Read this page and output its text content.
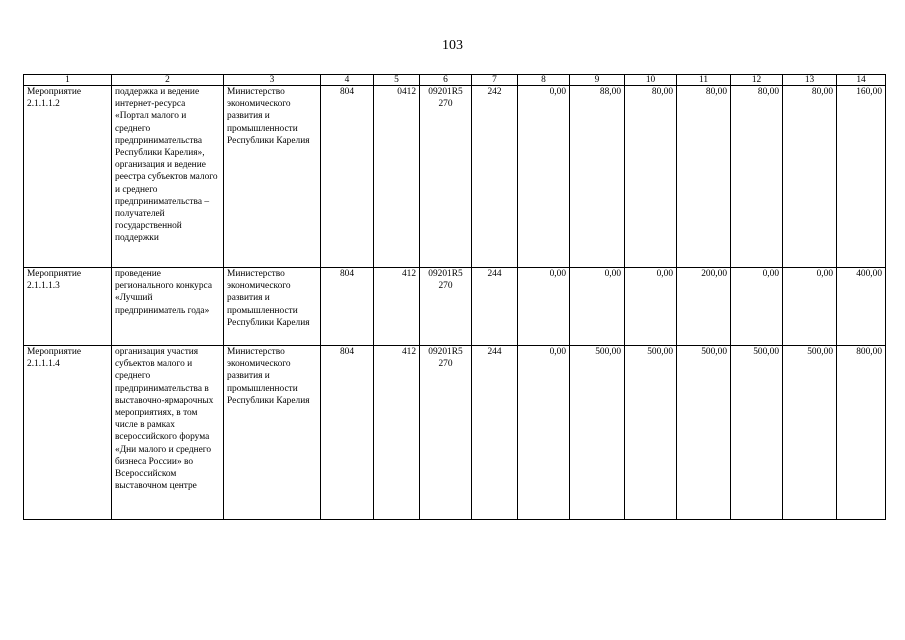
103
1	2	3	4	5	6	7	8	9	10	11	12	13	14
Мероприятие 2.1.1.1.2	поддержка и ведение интернет-ресурса «Портал малого и среднего предпринимательства Республики Карелия», организация и ведение реестра субъектов малого и среднего предпринимательства – получателей государственной поддержки	Министерство экономического развития и промышленности Республики Карелия	804	0412	09201R5 270	242	0,00	88,00	80,00	80,00	80,00	80,00	160,00
Мероприятие 2.1.1.1.3	проведение регионального конкурса «Лучший предприниматель года»	Министерство экономического развития и промышленности Республики Карелия	804	412	09201R5 270	244	0,00	0,00	0,00	200,00	0,00	0,00	400,00
Мероприятие 2.1.1.1.4	организация участия субъектов малого и среднего предпринимательства в выставочно-ярмарочных мероприятиях, в том числе в рамках всероссийского форума «Дни малого и среднего бизнеса России» во Всероссийском выставочном центре	Министерство экономического развития и промышленности Республики Карелия	804	412	09201R5 270	244	0,00	500,00	500,00	500,00	500,00	500,00	800,00
